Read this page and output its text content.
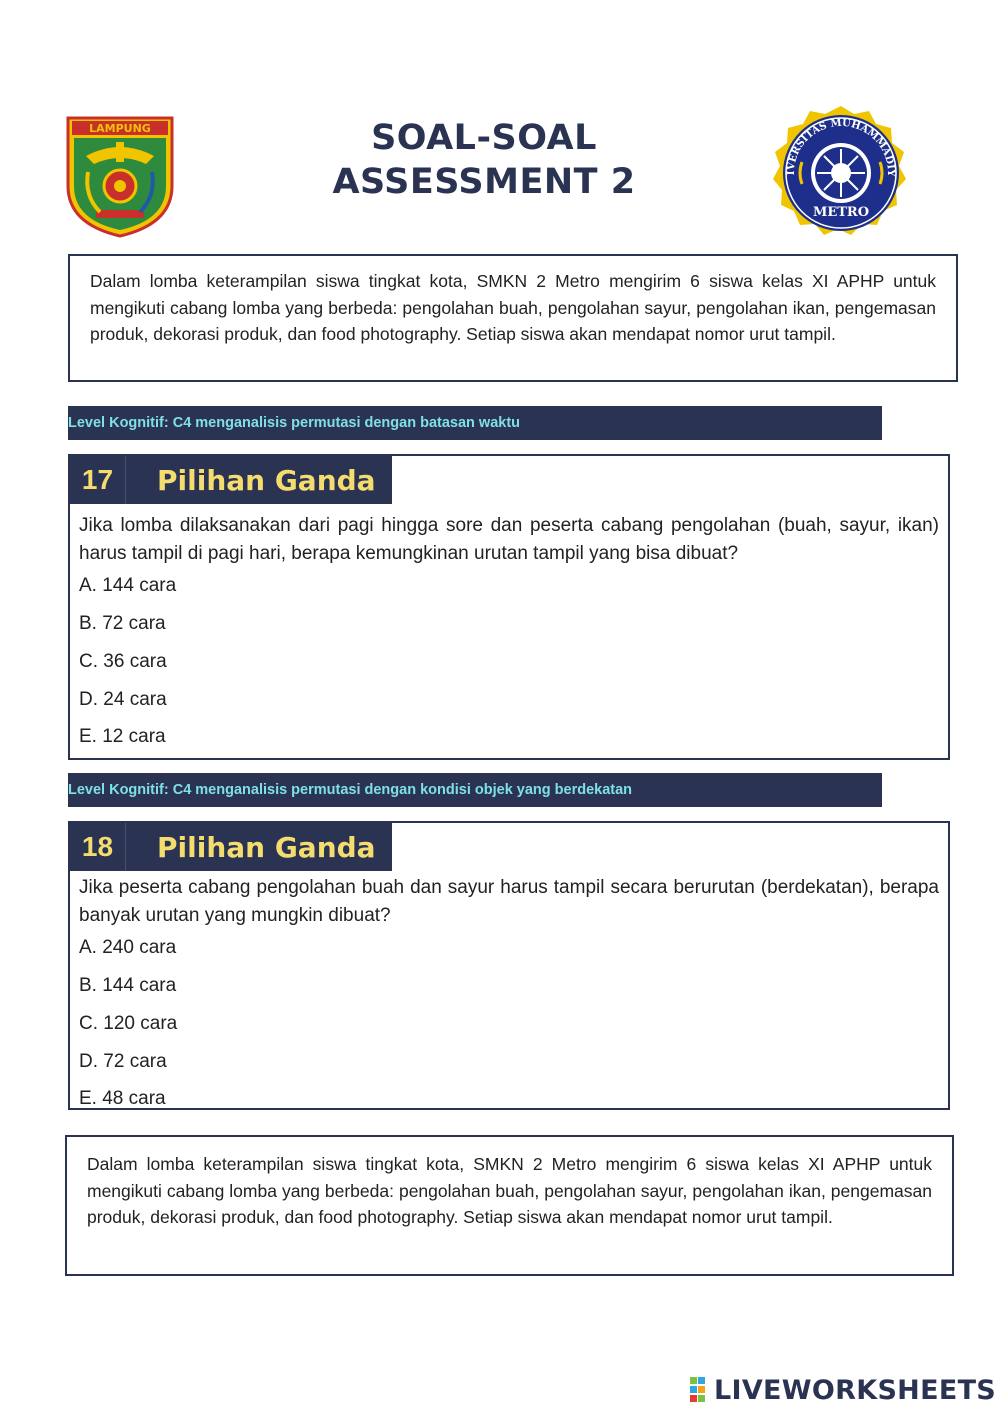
LAMPUNG	SOAL-SOAL
ASSESSMENT 2	IVERSITAS MUHAMMADIY
METRO

Dalam lomba keterampilan siswa tingkat kota, SMKN 2 Metro mengirim 6 siswa kelas XI APHP untuk mengikuti cabang lomba yang berbeda: pengolahan buah, pengolahan sayur, pengolahan ikan, pengemasan produk, dekorasi produk, dan food photography. Setiap siswa akan mendapat nomor urut tampil.

Level Kognitif: C4 menganalisis permutasi dengan batasan waktu
17	Pilihan Ganda

Jika lomba dilaksanakan dari pagi hingga sore dan peserta cabang pengolahan (buah, sayur, ikan) harus tampil di pagi hari, berapa kemungkinan urutan tampil yang bisa dibuat?

A. 144 cara
B. 72 cara
C. 36 cara
D. 24 cara
E. 12 cara
Level Kognitif: C4 menganalisis permutasi dengan kondisi objek yang berdekatan
18	Pilihan Ganda

Jika peserta cabang pengolahan buah dan sayur harus tampil secara berurutan (berdekatan), berapa banyak urutan yang mungkin dibuat?

A. 240 cara
B. 144 cara
C. 120 cara
D. 72 cara
E. 48 cara

Dalam lomba keterampilan siswa tingkat kota, SMKN 2 Metro mengirim 6 siswa kelas XI APHP untuk mengikuti cabang lomba yang berbeda: pengolahan buah, pengolahan sayur, pengolahan ikan, pengemasan produk, dekorasi produk, dan food photography. Setiap siswa akan mendapat nomor urut tampil.

LIVEWORKSHEETS
